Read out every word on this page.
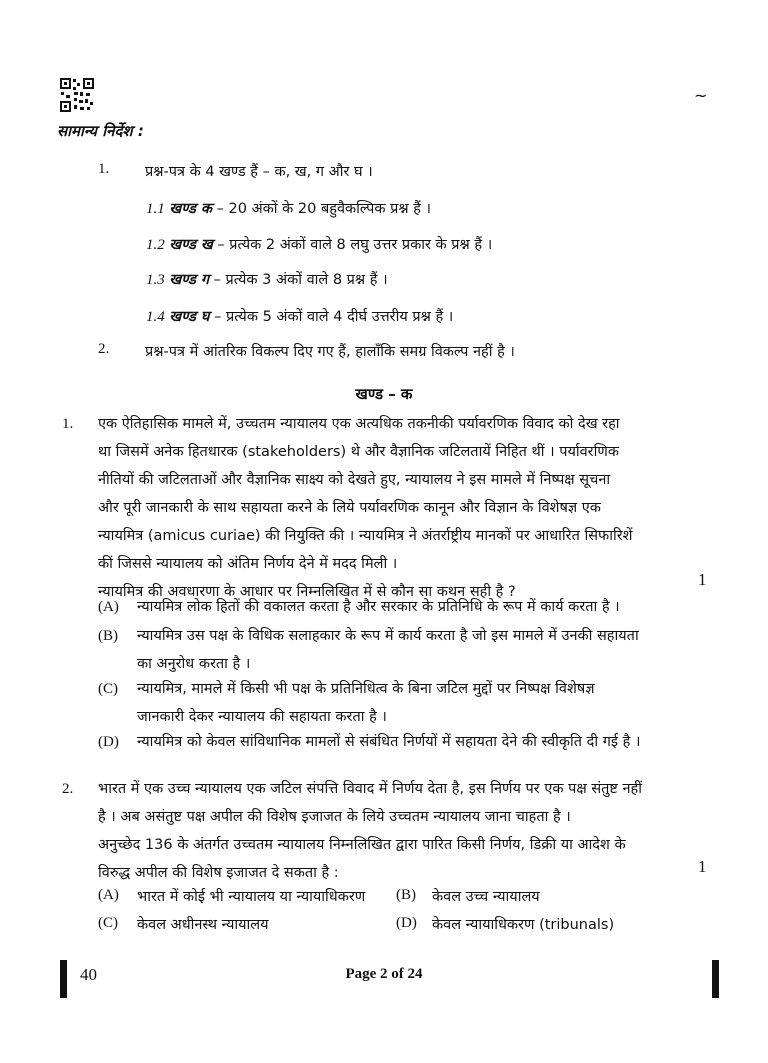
~
सामान्य निर्देश :
1. प्रश्न-पत्र के 4 खण्ड हैं – क, ख, ग और घ ।
1.1 खण्ड क – 20 अंकों के 20 बहुवैकल्पिक प्रश्न हैं ।
1.2 खण्ड ख – प्रत्येक 2 अंकों वाले 8 लघु उत्तर प्रकार के प्रश्न हैं ।
1.3 खण्ड ग – प्रत्येक 3 अंकों वाले 8 प्रश्न हैं ।
1.4 खण्ड घ – प्रत्येक 5 अंकों वाले 4 दीर्घ उत्तरीय प्रश्न हैं ।
2. प्रश्न-पत्र में आंतरिक विकल्प दिए गए हैं, हालाँकि समग्र विकल्प नहीं है ।
खण्ड – क
1. एक ऐतिहासिक मामले में, उच्चतम न्यायालय एक अत्यधिक तकनीकी पर्यावरणिक विवाद को देख रहा
था जिसमें अनेक हितधारक (stakeholders) थे और वैज्ञानिक जटिलतायें निहित थीं । पर्यावरणिक
नीतियों की जटिलताओं और वैज्ञानिक साक्ष्य को देखते हुए, न्यायालय ने इस मामले में निष्पक्ष सूचना
और पूरी जानकारी के साथ सहायता करने के लिये पर्यावरणिक कानून और विज्ञान के विशेषज्ञ एक
न्यायमित्र (amicus curiae) की नियुक्ति की । न्यायमित्र ने अंतर्राष्ट्रीय मानकों पर आधारित सिफारिशें
कीं जिससे न्यायालय को अंतिम निर्णय देने में मदद मिली ।
न्यायमित्र की अवधारणा के आधार पर निम्नलिखित में से कौन सा कथन सही है ?
1
(A) न्यायमित्र लोक हितों की वकालत करता है और सरकार के प्रतिनिधि के रूप में कार्य करता है ।
(B) न्यायमित्र उस पक्ष के विधिक सलाहकार के रूप में कार्य करता है जो इस मामले में उनकी सहायता
का अनुरोध करता है ।
(C) न्यायमित्र, मामले में किसी भी पक्ष के प्रतिनिधित्व के बिना जटिल मुद्दों पर निष्पक्ष विशेषज्ञ
जानकारी देकर न्यायालय की सहायता करता है ।
(D) न्यायमित्र को केवल सांविधानिक मामलों से संबंधित निर्णयों में सहायता देने की स्वीकृति दी गई है ।
2. भारत में एक उच्च न्यायालय एक जटिल संपत्ति विवाद में निर्णय देता है, इस निर्णय पर एक पक्ष संतुष्ट नहीं
है । अब असंतुष्ट पक्ष अपील की विशेष इजाजत के लिये उच्चतम न्यायालय जाना चाहता है ।
अनुच्छेद 136 के अंतर्गत उच्चतम न्यायालय निम्नलिखित द्वारा पारित किसी निर्णय, डिक्री या आदेश के
विरुद्ध अपील की विशेष इजाजत दे सकता है :	1
(A) भारत में कोई भी न्यायालय या न्यायाधिकरण (B) केवल उच्च न्यायालय
(C) केवल अधीनस्थ न्यायालय	(D) केवल न्यायाधिकरण (tribunals)
40	Page 2 of 24
